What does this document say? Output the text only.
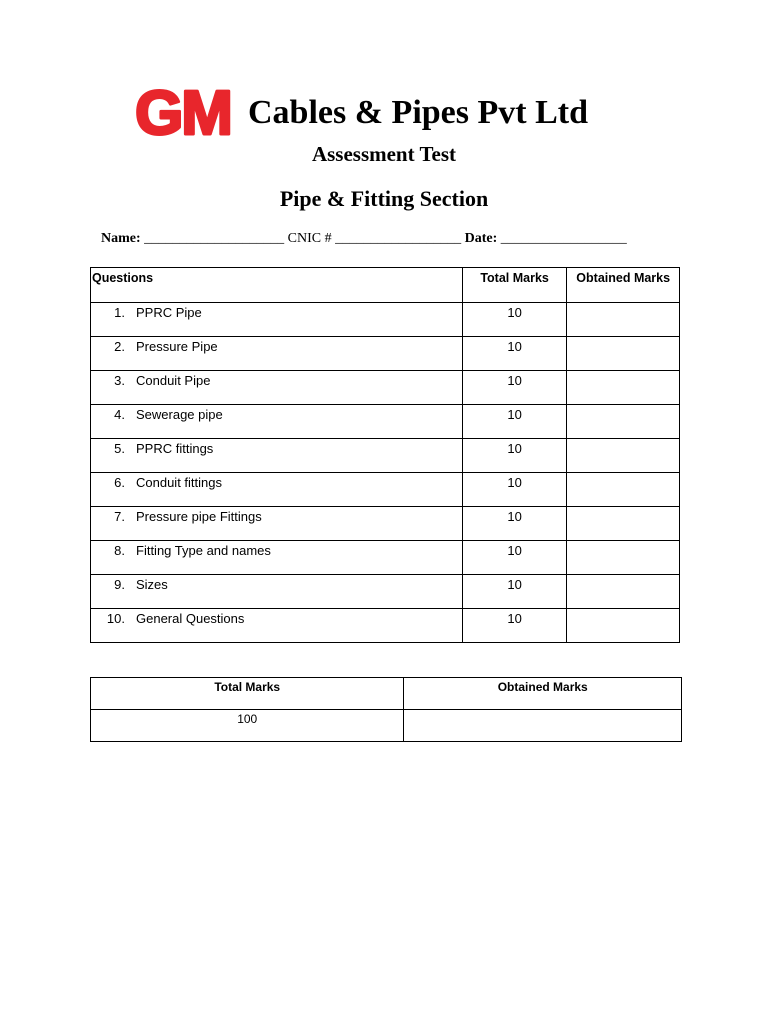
GM Cables & Pipes Pvt Ltd
Assessment Test
Pipe & Fitting Section
Name: ____________________ CNIC # __________________ Date: __________________
Questions	Total Marks	Obtained Marks

1. PPRC Pipe	10	

2. Pressure Pipe	10	

3. Conduit Pipe	10	

4. Sewerage pipe	10	

5. PPRC fittings	10	

6. Conduit fittings	10	

7. Pressure pipe Fittings	10	

8. Fitting Type and names	10	

9. Sizes	10	

10. General Questions	10	
Total Marks	Obtained Marks
100	
